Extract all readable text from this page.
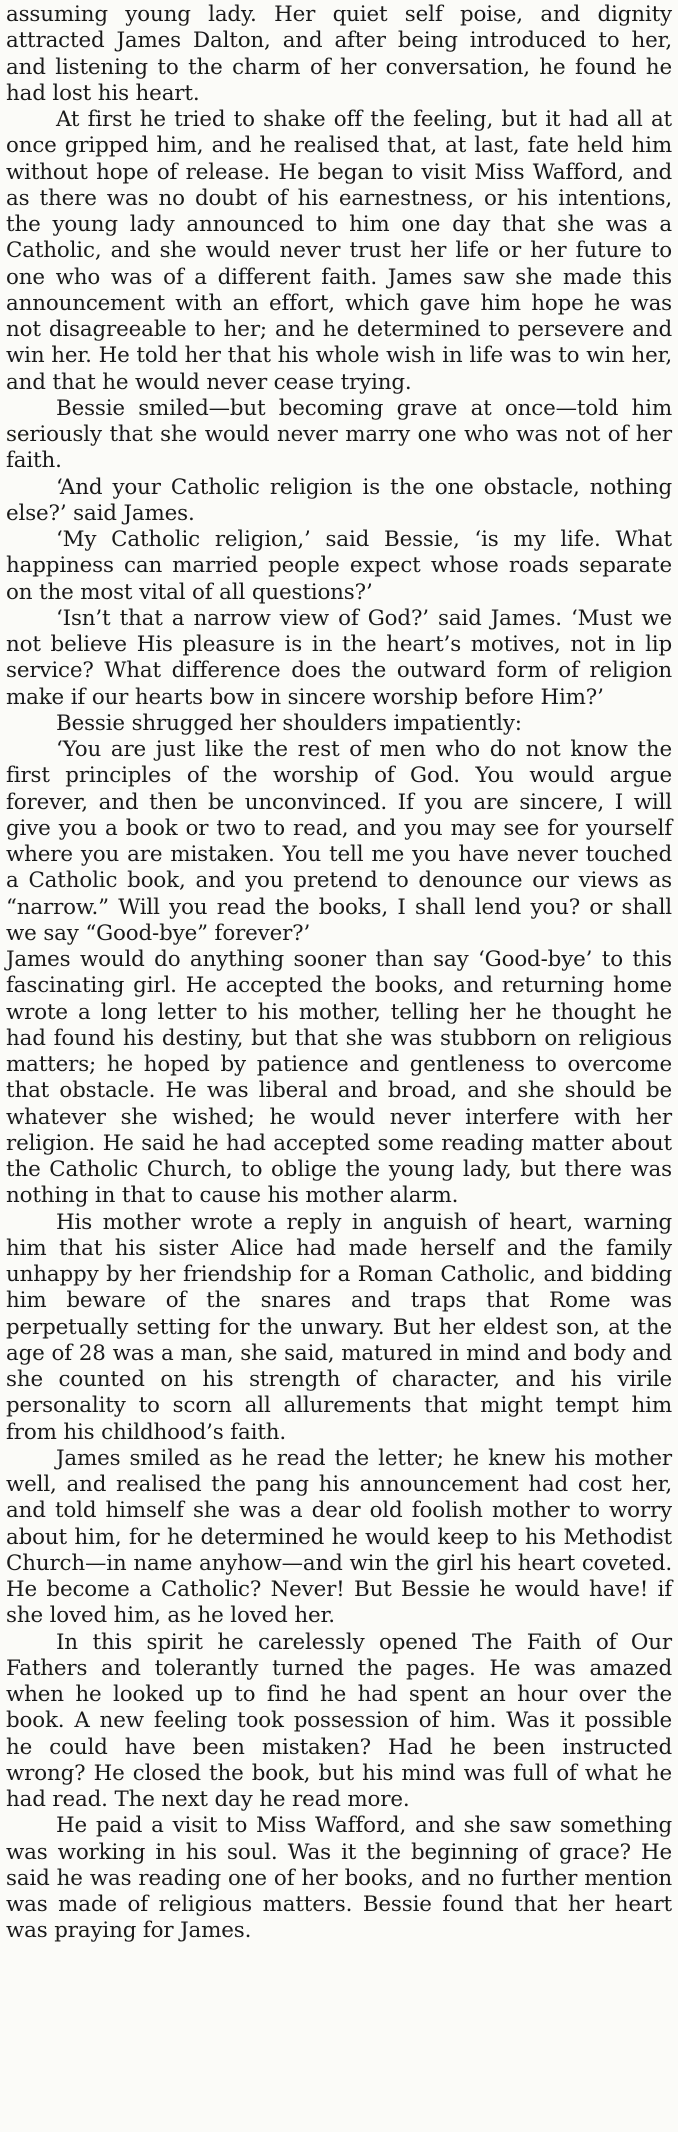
assuming young lady. Her quiet self poise, and dignity attracted James Dalton, and after being introduced to her, and listening to the charm of her conversation, he found he had lost his heart.

At first he tried to shake off the feeling, but it had all at once gripped him, and he realised that, at last, fate held him without hope of release. He began to visit Miss Wafford, and as there was no doubt of his earnestness, or his intentions, the young lady announced to him one day that she was a Catholic, and she would never trust her life or her future to one who was of a different faith. James saw she made this announcement with an effort, which gave him hope he was not disagreeable to her; and he determined to persevere and win her. He told her that his whole wish in life was to win her, and that he would never cease trying.

Bessie smiled—but becoming grave at once—told him seriously that she would never marry one who was not of her faith.

‘And your Catholic religion is the one obstacle, nothing else?’ said James.

‘My Catholic religion,’ said Bessie, ‘is my life. What happiness can married people expect whose roads separate on the most vital of all questions?’

‘Isn’t that a narrow view of God?’ said James. ‘Must we not believe His pleasure is in the heart’s motives, not in lip service? What difference does the outward form of religion make if our hearts bow in sincere worship before Him?’

Bessie shrugged her shoulders impatiently:

‘You are just like the rest of men who do not know the first principles of the worship of God. You would argue forever, and then be unconvinced. If you are sincere, I will give you a book or two to read, and you may see for yourself where you are mistaken. You tell me you have never touched a Catholic book, and you pretend to denounce our views as “narrow.” Will you read the books, I shall lend you? or shall we say “Good-bye” forever?’

James would do anything sooner than say ‘Good-bye’ to this fascinating girl. He accepted the books, and returning home wrote a long letter to his mother, telling her he thought he had found his destiny, but that she was stubborn on religious matters; he hoped by patience and gentleness to overcome that obstacle. He was liberal and broad, and she should be whatever she wished; he would never interfere with her religion. He said he had accepted some reading matter about the Catholic Church, to oblige the young lady, but there was nothing in that to cause his mother alarm.

His mother wrote a reply in anguish of heart, warning him that his sister Alice had made herself and the family unhappy by her friendship for a Roman Catholic, and bidding him beware of the snares and traps that Rome was perpetually setting for the unwary. But her eldest son, at the age of 28 was a man, she said, matured in mind and body and she counted on his strength of character, and his virile personality to scorn all allurements that might tempt him from his childhood’s faith.

James smiled as he read the letter; he knew his mother well, and realised the pang his announcement had cost her, and told himself she was a dear old foolish mother to worry about him, for he determined he would keep to his Methodist Church—in name anyhow—and win the girl his heart coveted. He become a Catholic? Never! But Bessie he would have! if she loved him, as he loved her.

In this spirit he carelessly opened The Faith of Our Fathers and tolerantly turned the pages. He was amazed when he looked up to find he had spent an hour over the book. A new feeling took possession of him. Was it possible he could have been mistaken? Had he been instructed wrong? He closed the book, but his mind was full of what he had read. The next day he read more.

He paid a visit to Miss Wafford, and she saw something was working in his soul. Was it the beginning of grace? He said he was reading one of her books, and no further mention was made of religious matters. Bessie found that her heart was praying for James.
